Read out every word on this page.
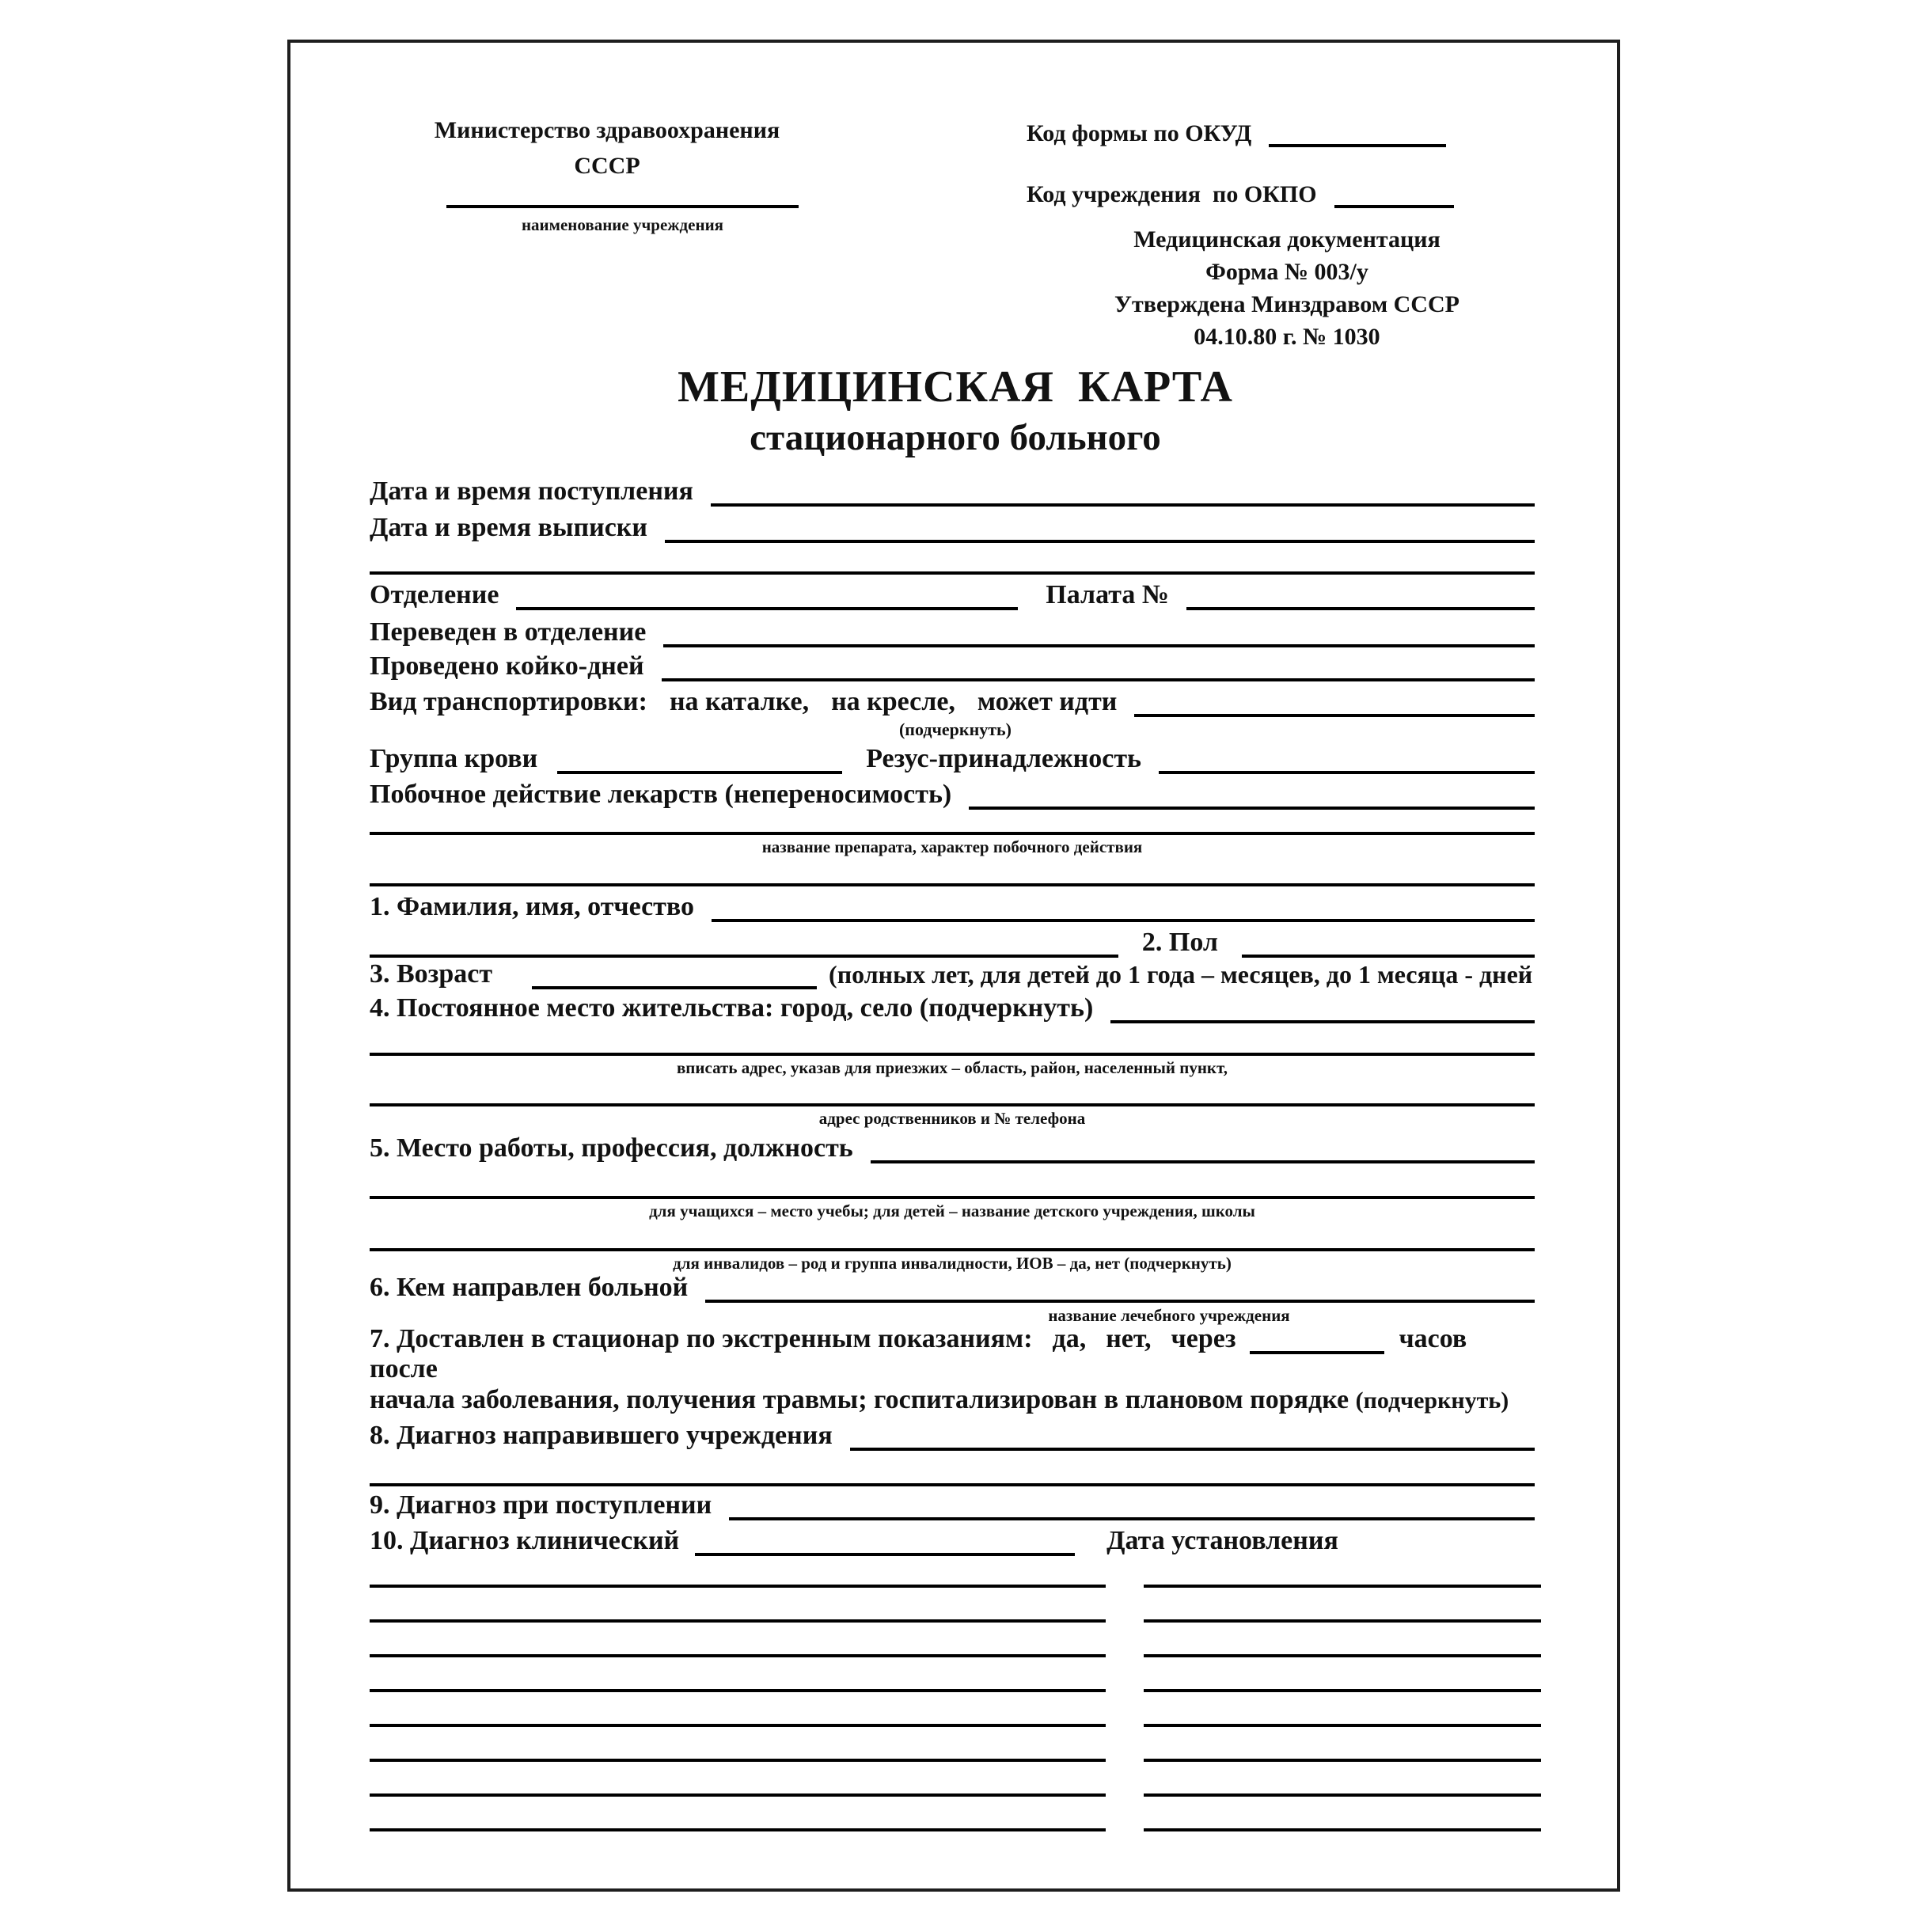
Министерство здравоохранения
СССР
наименование учреждения
Код формы по ОКУД
Код учреждения  по ОКПО
Медицинская документация
Форма № 003/у
Утверждена Минздравом СССР
04.10.80 г. № 1030
МЕДИЦИНСКАЯ  КАРТА
стационарного больного
Дата и время поступления
Дата и время выписки
Отделение	Палата №
Переведен в отделение
Проведено койко-дней
Вид транспортировки: на каталке, на кресле, может идти
(подчеркнуть)
Группа крови	Резус-принадлежность
Побочное действие лекарств (непереносимость)
название препарата, характер побочного действия
1. Фамилия, имя, отчество
2. Пол
3. Возраст	(полных лет, для детей до 1 года – месяцев, до 1 месяца - дней
4. Постоянное место жительства: город, село (подчеркнуть)
вписать адрес, указав для приезжих – область, район, населенный пункт,
адрес родственников и № телефона
5. Место работы, профессия, должность
для учащихся – место учебы; для детей – название детского учреждения, школы
для инвалидов – род и группа инвалидности, ИОВ – да, нет (подчеркнуть)
6. Кем направлен больной
название лечебного учреждения
7. Доставлен в стационар по экстренным показаниям: да, нет, через	часов
после
начала заболевания, получения травмы; госпитализирован в плановом порядке (подчеркнуть)
8. Диагноз направившего учреждения
9. Диагноз при поступлении
10. Диагноз клинический	Дата установления
